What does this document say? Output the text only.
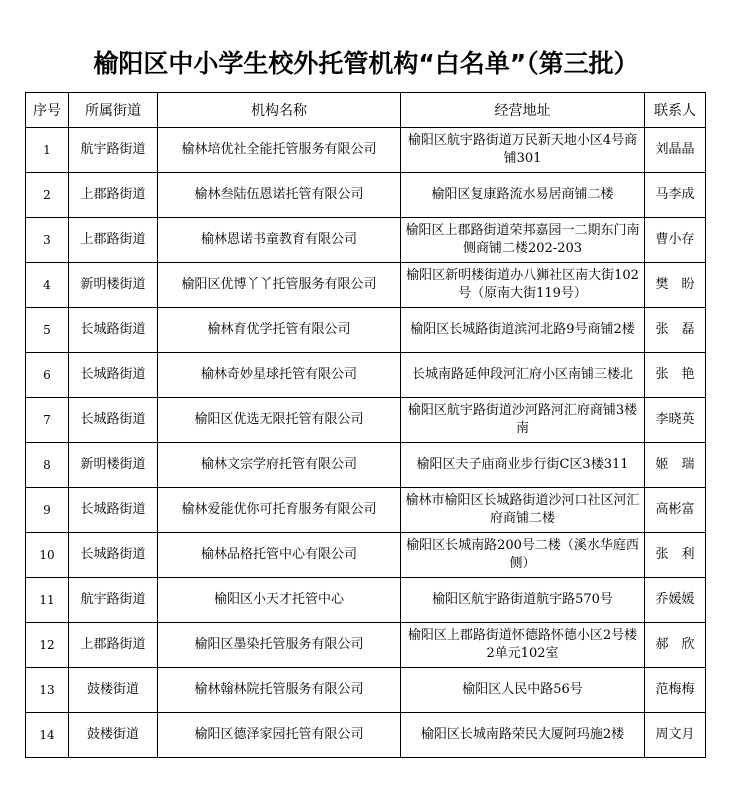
榆阳区中小学生校外托管机构“白名单”（第三批）
序号	所属街道	机构名称	经营地址	联系人
1	航宇路街道	榆林培优社全能托管服务有限公司	榆阳区航宇路街道万民新天地小区4号商铺301	刘晶晶
2	上郡路街道	榆林叁陆伍恩诺托管有限公司	榆阳区复康路流水易居商铺二楼	马李成
3	上郡路街道	榆林恩诺书童教育有限公司	榆阳区上郡路街道荣邦嘉园一二期东门南侧商铺二楼202-203	曹小存
4	新明楼街道	榆阳区优博丫丫托管服务有限公司	榆阳区新明楼街道办八狮社区南大街102号（原南大街119号）	樊　盼
5	长城路街道	榆林育优学托管有限公司	榆阳区长城路街道滨河北路9号商铺2楼	张　磊
6	长城路街道	榆林奇妙星球托管有限公司	长城南路延伸段河汇府小区南铺三楼北	张　艳
7	长城路街道	榆阳区优选无限托管有限公司	榆阳区航宇路街道沙河路河汇府商铺3楼南	李晓英
8	新明楼街道	榆林文宗学府托管有限公司	榆阳区夫子庙商业步行街C区3楼311	姬　瑞
9	长城路街道	榆林爱能优你可托育服务有限公司	榆林市榆阳区长城路街道沙河口社区河汇府商铺二楼	高彬富
10	长城路街道	榆林品格托管中心有限公司	榆阳区长城南路200号二楼（溪水华庭西侧）	张　利
11	航宇路街道	榆阳区小天才托管中心	榆阳区航宇路街道航宇路570号	乔媛媛
12	上郡路街道	榆阳区墨染托管服务有限公司	榆阳区上郡路街道怀德路怀德小区2号楼2单元102室	郝　欣
13	鼓楼街道	榆林翰林院托管服务有限公司	榆阳区人民中路56号	范梅梅
14	鼓楼街道	榆阳区德泽家园托管有限公司	榆阳区长城南路荣民大厦阿玛施2楼	周文月
